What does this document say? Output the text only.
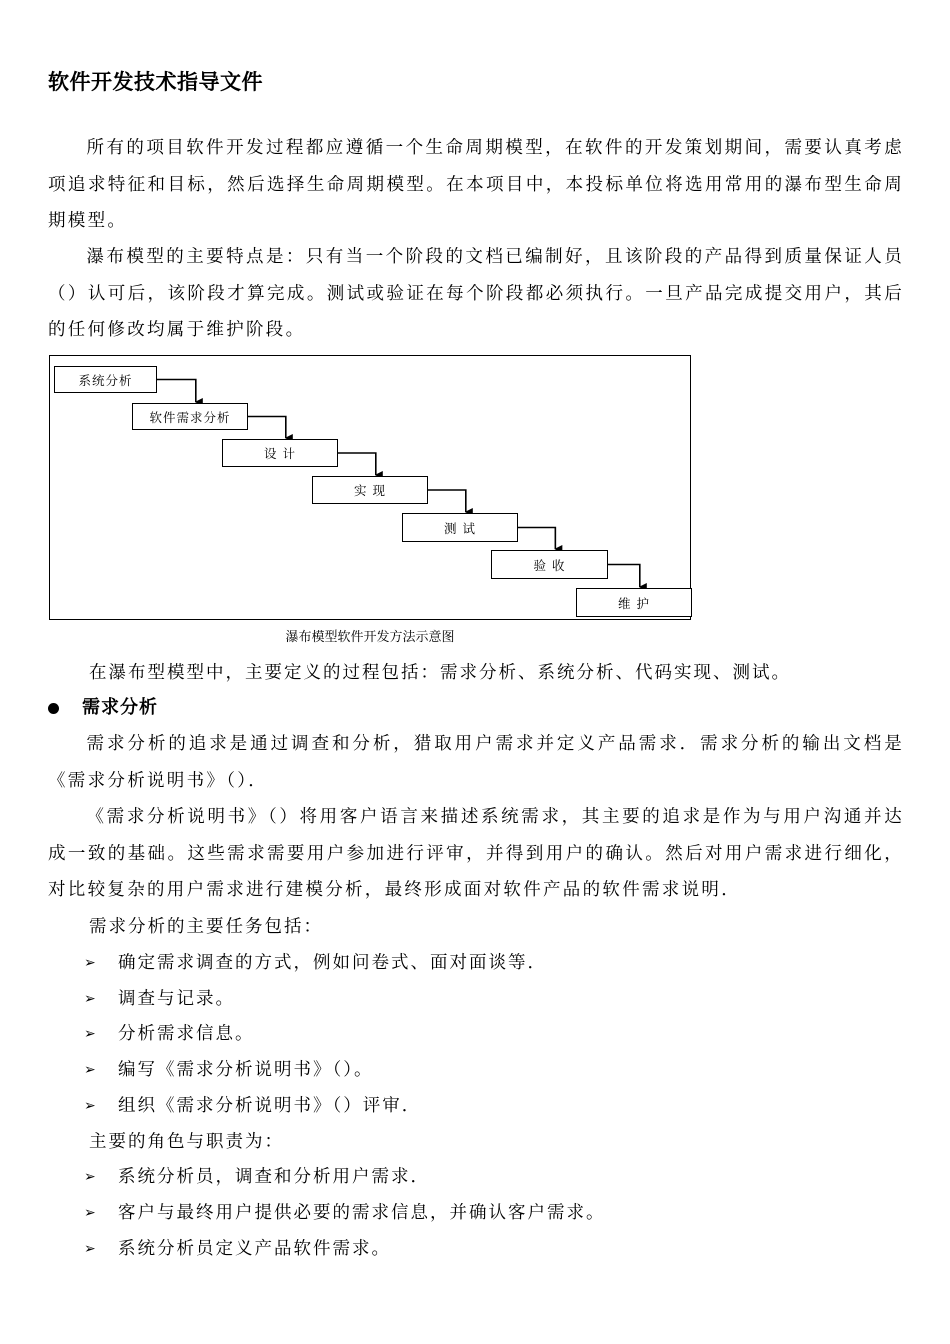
软件开发技术指导文件

所有的项目软件开发过程都应遵循一个生命周期模型，在软件的开发策划期间，需要认真考虑项追求特征和目标，然后选择生命周期模型。在本项目中，本投标单位将选用常用的瀑布型生命周期模型。

瀑布模型的主要特点是：只有当一个阶段的文档已编制好，且该阶段的产品得到质量保证人员（）认可后，该阶段才算完成。测试或验证在每个阶段都必须执行。一旦产品完成提交用户，其后的任何修改均属于维护阶段。

系统分析
软件需求分析
设 计
实 现
测 试
验 收
维 护
瀑布模型软件开发方法示意图
在瀑布型模型中，主要定义的过程包括：需求分析、系统分析、代码实现、测试。
需求分析

需求分析的追求是通过调查和分析，猎取用户需求并定义产品需求．需求分析的输出文档是《需求分析说明书》（）．

《需求分析说明书》（）将用客户语言来描述系统需求，其主要的追求是作为与用户沟通并达成一致的基础。这些需求需要用户参加进行评审，并得到用户的确认。然后对用户需求进行细化，对比较复杂的用户需求进行建模分析，最终形成面对软件产品的软件需求说明．

需求分析的主要任务包括：
➢ 确定需求调查的方式，例如问卷式、面对面谈等．
➢ 调查与记录。
➢ 分析需求信息。
➢ 编写《需求分析说明书》（）。
➢ 组织《需求分析说明书》（）评审．
主要的角色与职责为：
➢ 系统分析员，调查和分析用户需求．
➢ 客户与最终用户提供必要的需求信息，并确认客户需求。
➢ 系统分析员定义产品软件需求。
